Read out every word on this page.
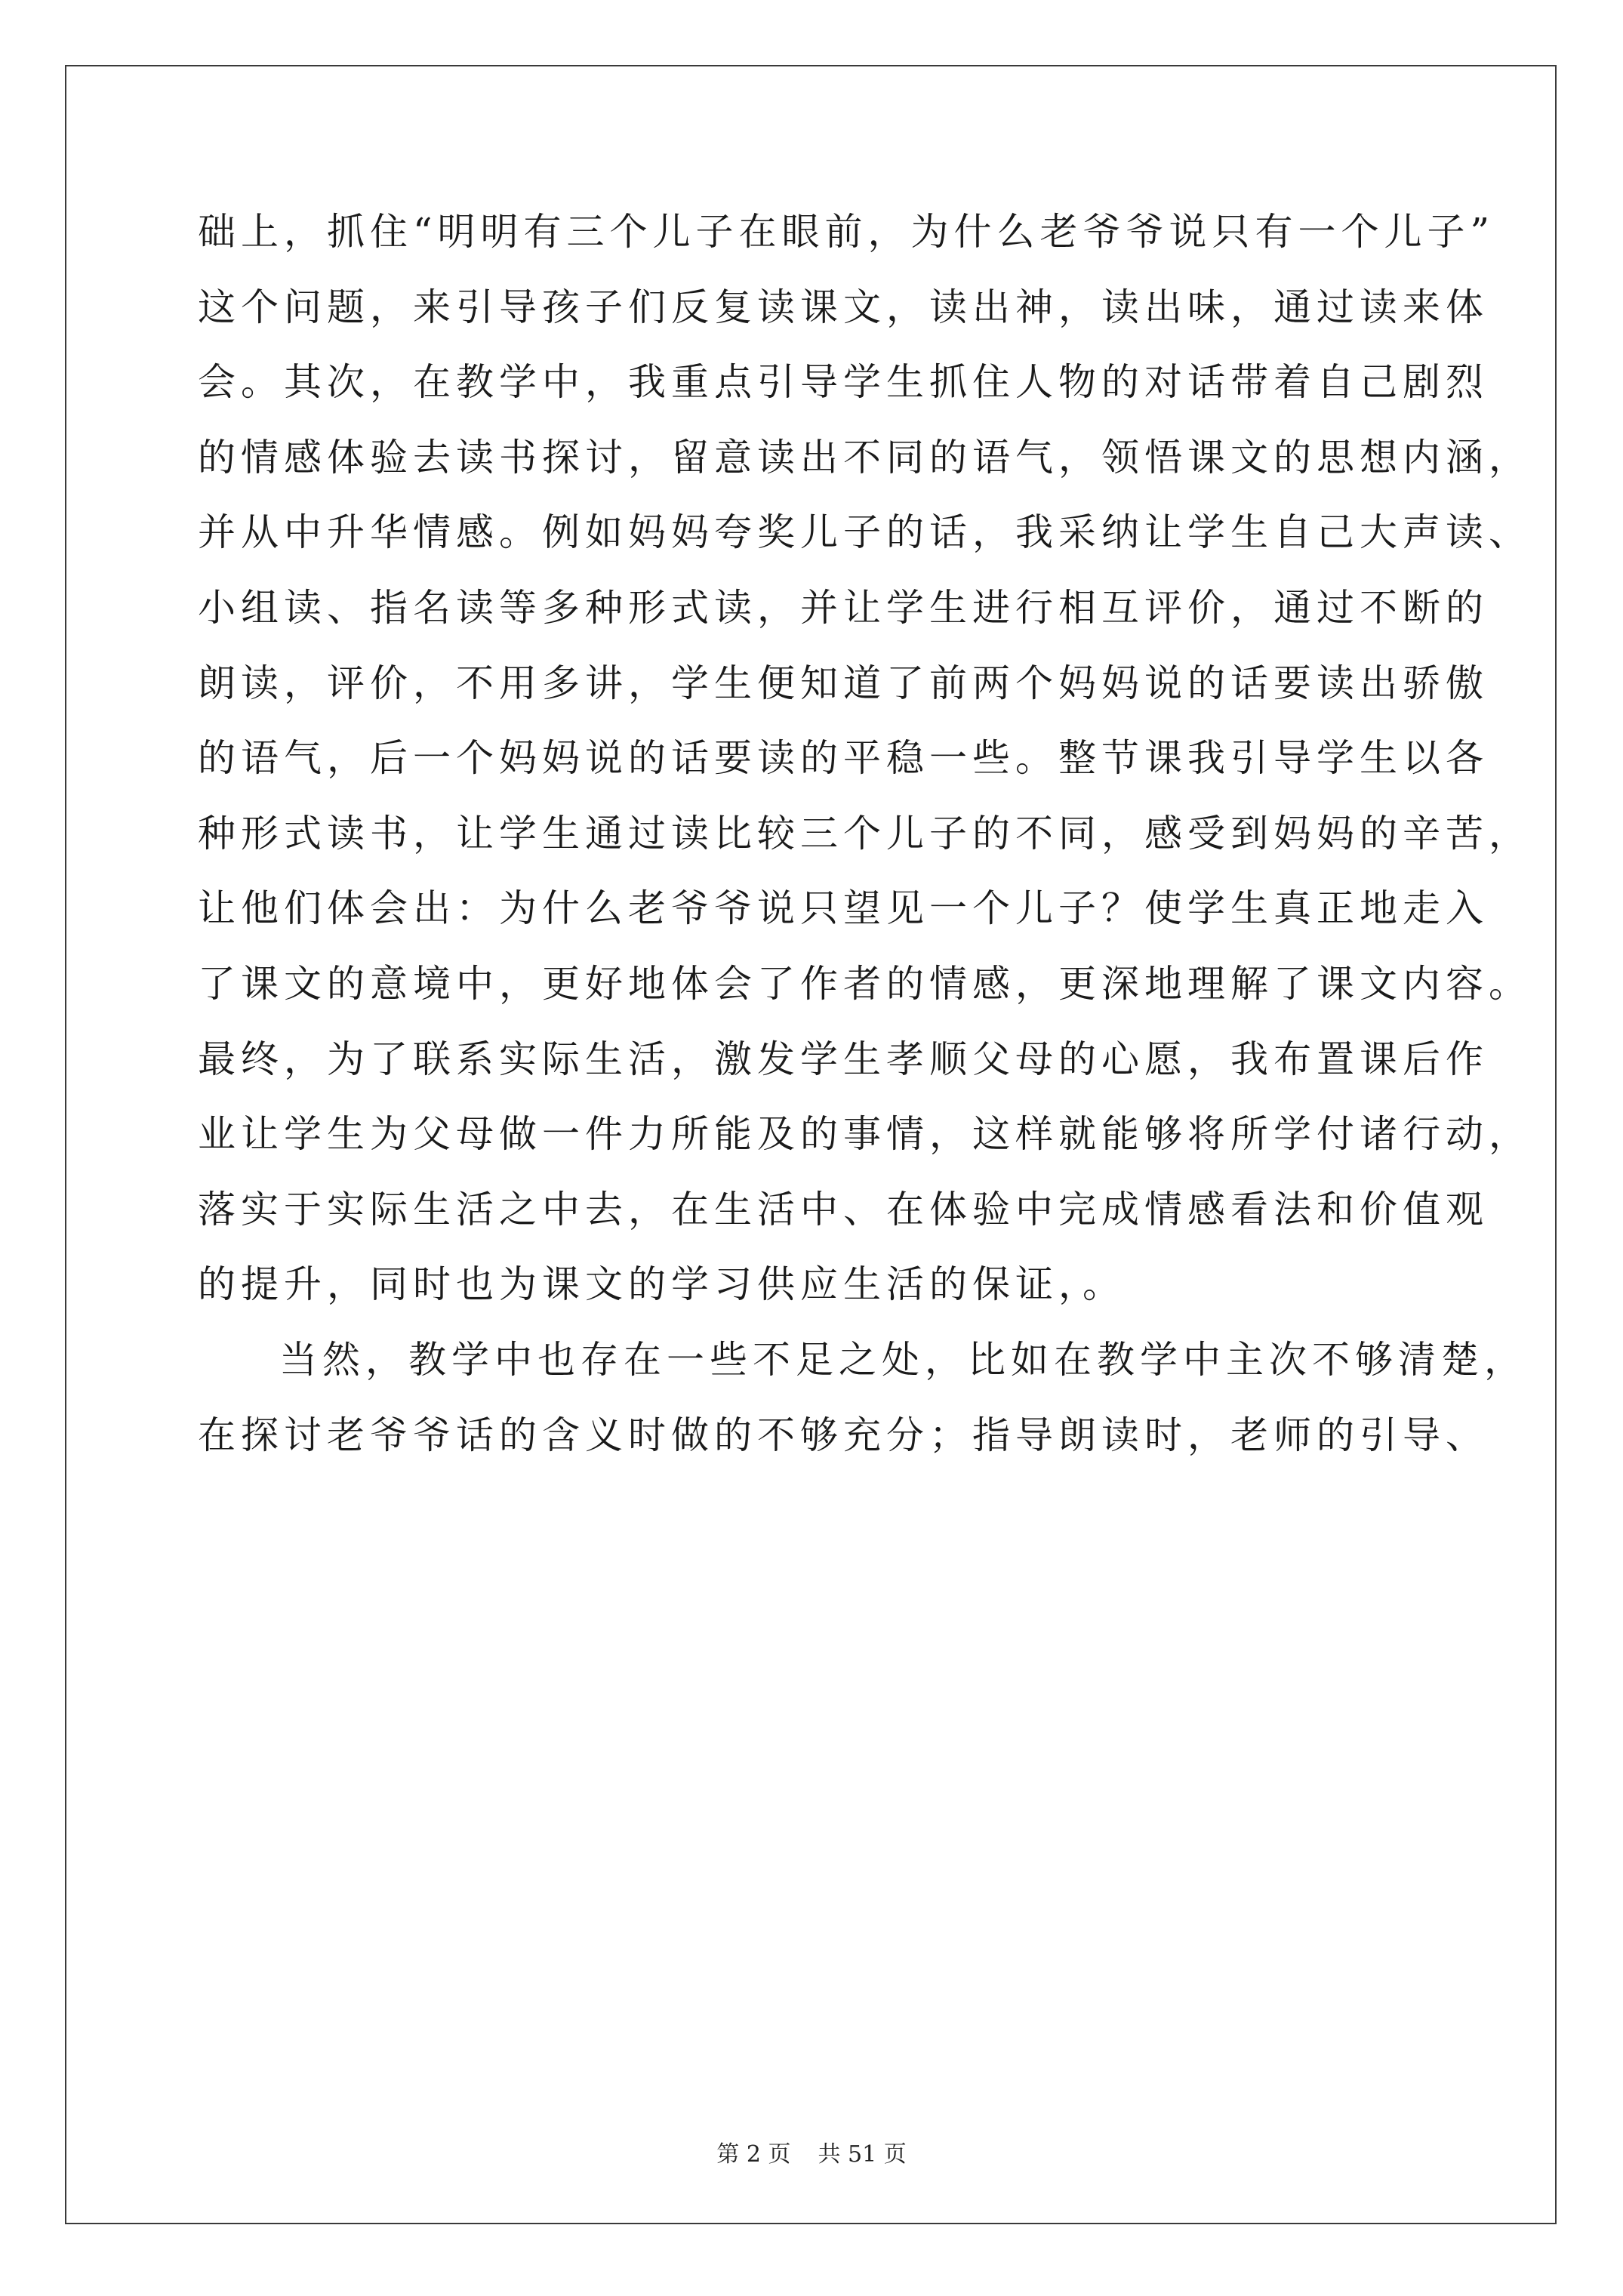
础上，抓住“明明有三个儿子在眼前，为什么老爷爷说只有一个儿子”
这个问题，来引导孩子们反复读课文，读出神，读出味，通过读来体
会。其次，在教学中，我重点引导学生抓住人物的对话带着自己剧烈
的情感体验去读书探讨，留意读出不同的语气，领悟课文的思想内涵，
并从中升华情感。例如妈妈夸奖儿子的话，我采纳让学生自己大声读、
小组读、指名读等多种形式读，并让学生进行相互评价，通过不断的
朗读，评价，不用多讲，学生便知道了前两个妈妈说的话要读出骄傲
的语气，后一个妈妈说的话要读的平稳一些。整节课我引导学生以各
种形式读书，让学生通过读比较三个儿子的不同，感受到妈妈的辛苦，
让他们体会出：为什么老爷爷说只望见一个儿子？使学生真正地走入
了课文的意境中，更好地体会了作者的情感，更深地理解了课文内容。
最终，为了联系实际生活，激发学生孝顺父母的心愿，我布置课后作
业让学生为父母做一件力所能及的事情，这样就能够将所学付诸行动，
落实于实际生活之中去，在生活中、在体验中完成情感看法和价值观
的提升，同时也为课文的学习供应生活的保证，。
当然，教学中也存在一些不足之处，比如在教学中主次不够清楚，
在探讨老爷爷话的含义时做的不够充分；指导朗读时，老师的引导、
第 2 页 共 51 页
